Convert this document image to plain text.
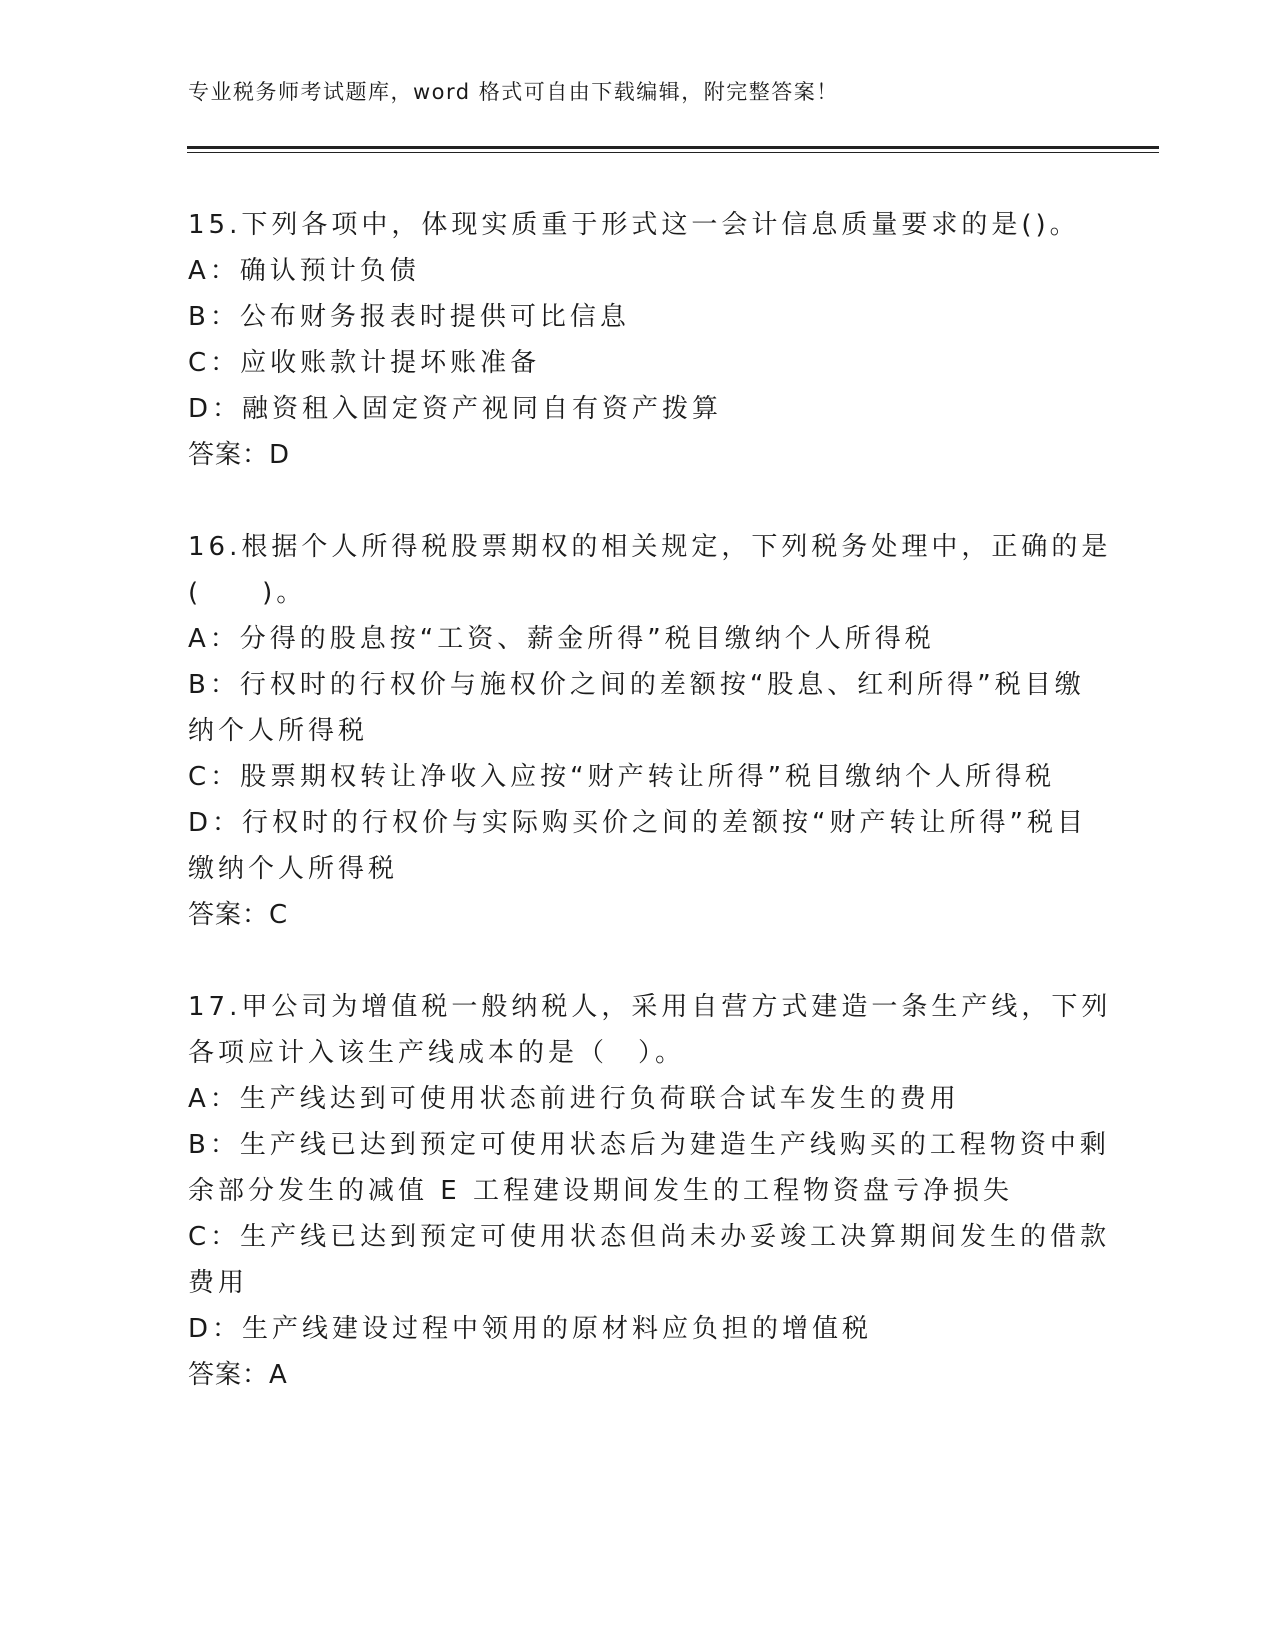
专业税务师考试题库，word 格式可自由下载编辑，附完整答案！
15.下列各项中，体现实质重于形式这一会计信息质量要求的是()。
A：确认预计负债
B：公布财务报表时提供可比信息
C：应收账款计提坏账准备
D：融资租入固定资产视同自有资产拨算
答案：D
16.根据个人所得税股票期权的相关规定，下列税务处理中，正确的是
(　　)。
A：分得的股息按“工资、薪金所得”税目缴纳个人所得税
B：行权时的行权价与施权价之间的差额按“股息、红利所得”税目缴
纳个人所得税
C：股票期权转让净收入应按“财产转让所得”税目缴纳个人所得税
D：行权时的行权价与实际购买价之间的差额按“财产转让所得”税目
缴纳个人所得税
答案：C
17.甲公司为增值税一般纳税人，采用自营方式建造一条生产线，下列
各项应计入该生产线成本的是（　）。
A：生产线达到可使用状态前进行负荷联合试车发生的费用
B：生产线已达到预定可使用状态后为建造生产线购买的工程物资中剩
余部分发生的减值 E 工程建设期间发生的工程物资盘亏净损失
C：生产线已达到预定可使用状态但尚未办妥竣工决算期间发生的借款
费用
D：生产线建设过程中领用的原材料应负担的增值税
答案：A
